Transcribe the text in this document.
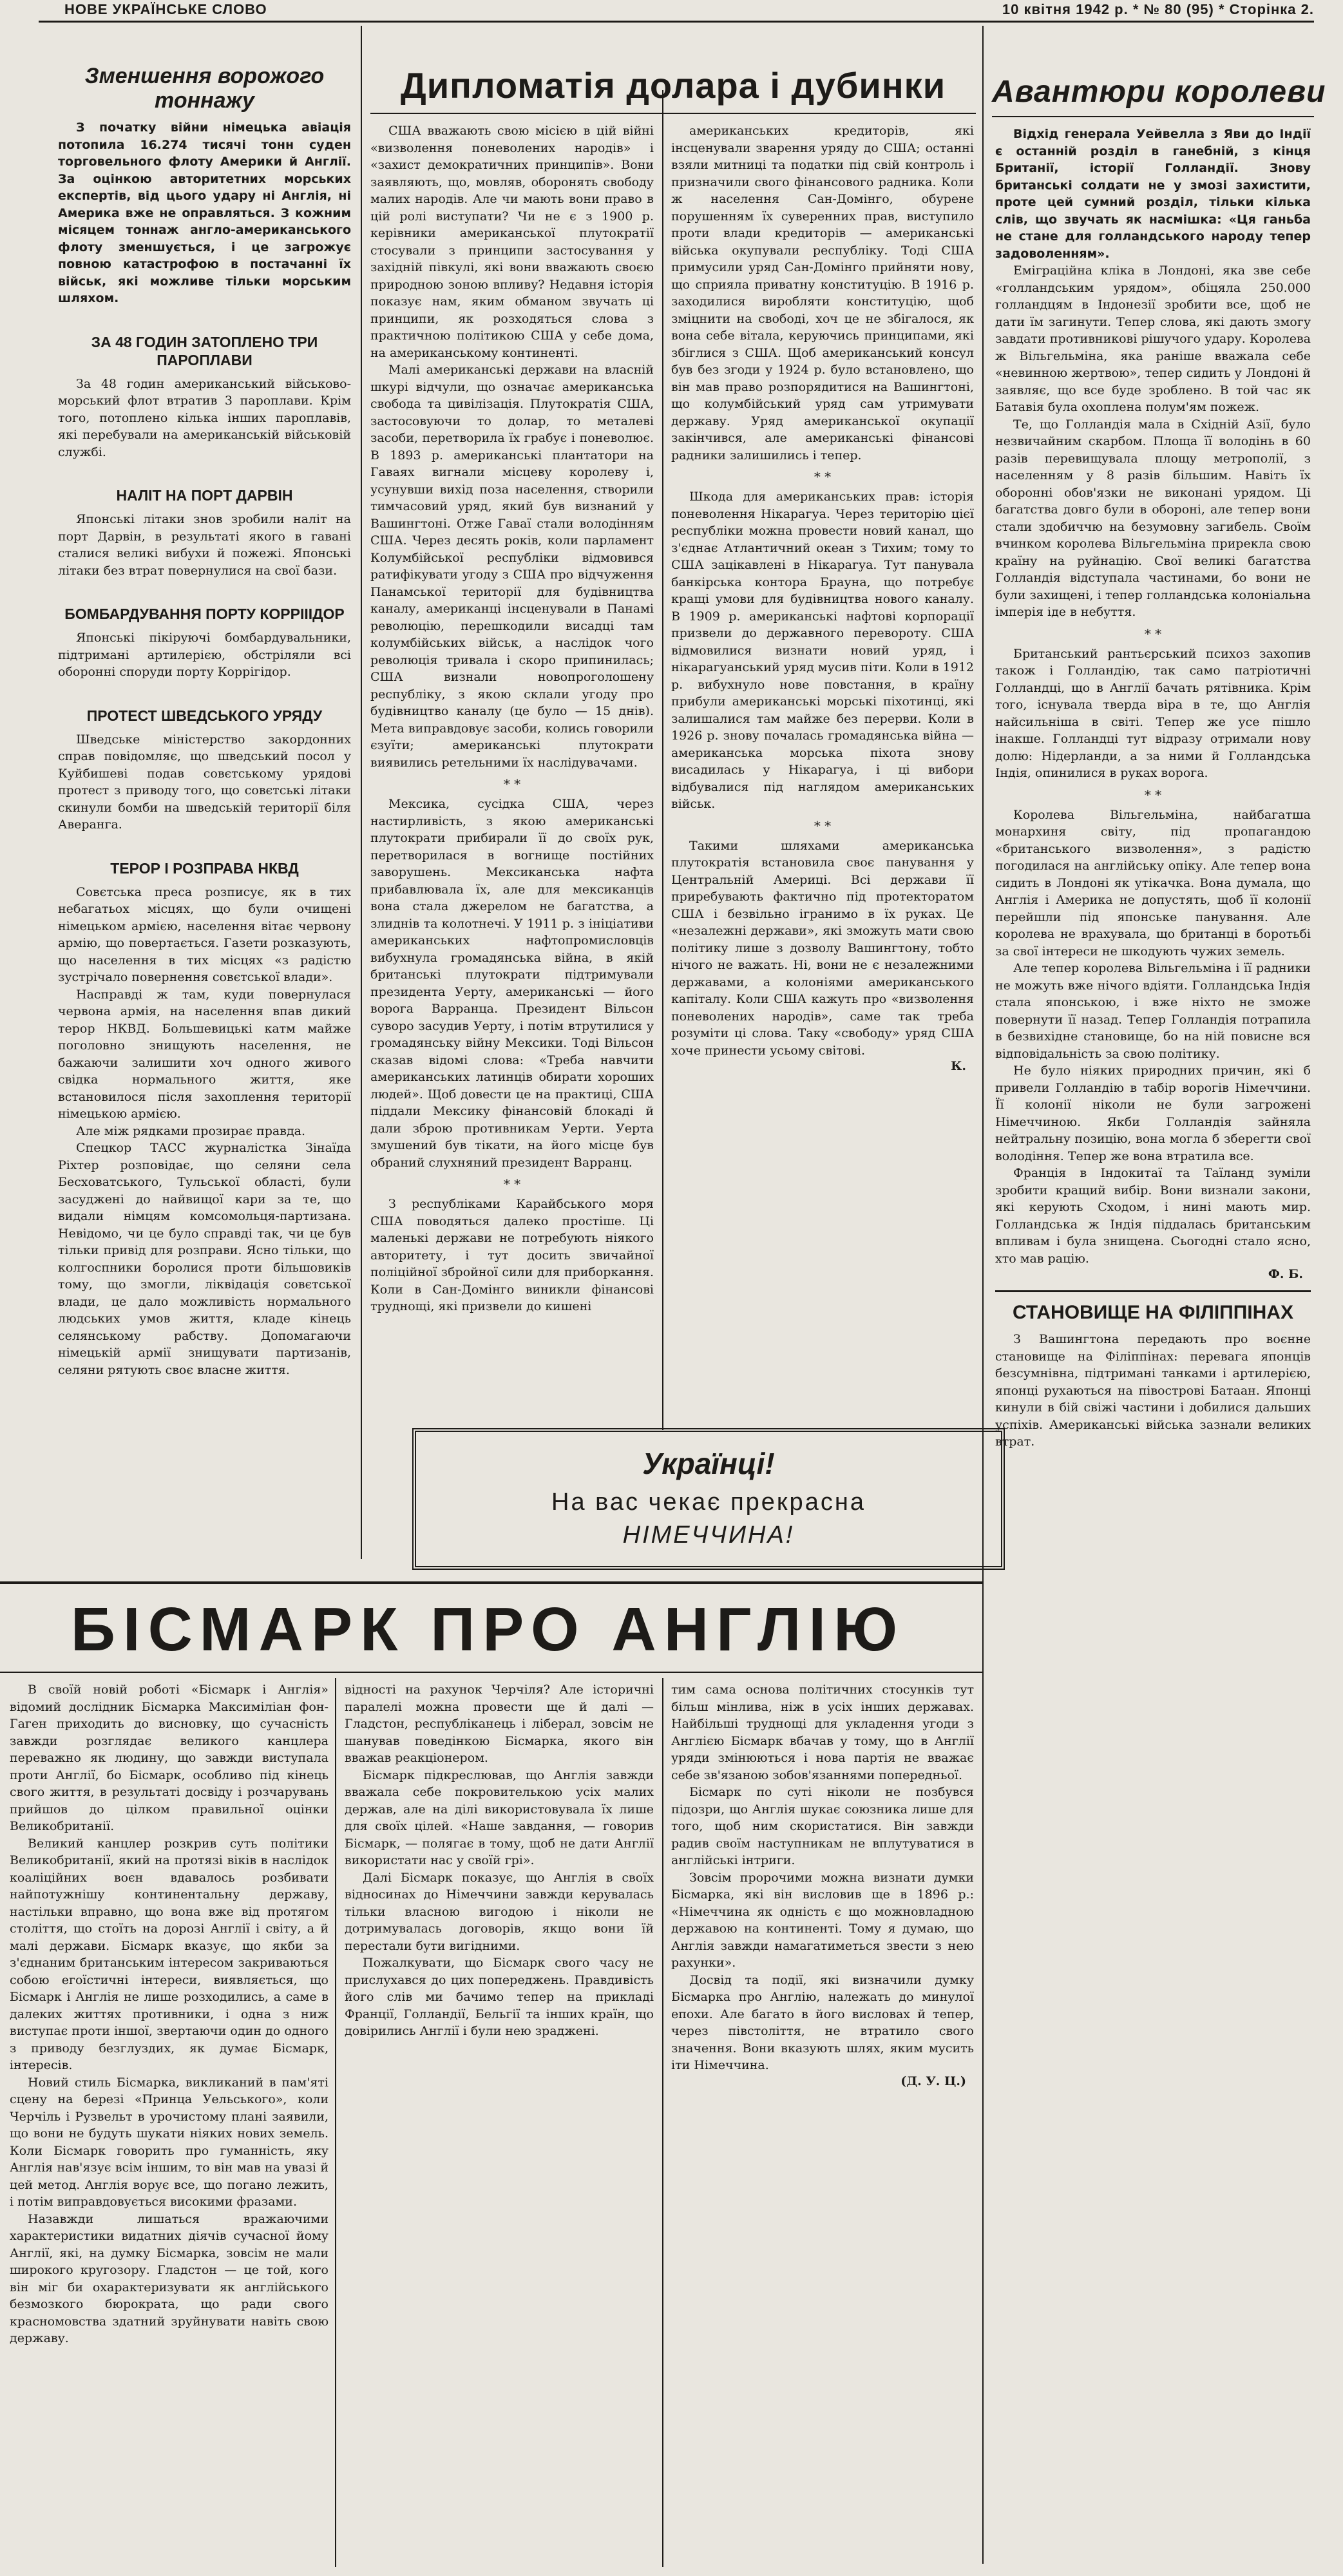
НОВЕ УКРАЇНСЬКЕ СЛОВО	10 квітня 1942 р. * № 80 (95) * Сторінка 2.
Зменшення ворожого тоннажу

З початку війни німецька авіація потопила 16.274 тисячі тонн суден торговельного флоту Америки й Англії. За оцінкою авторитетних морських експертів, від цього удару ні Англія, ні Америка вже не оправляться. З кожним місяцем тоннаж англо-американського флоту зменшується, і це загрожує повною катастрофою в постачанні їх військ, які можливе тільки морським шляхом.

ЗА 48 ГОДИН ЗАТОПЛЕНО ТРИ ПАРОПЛАВИ

За 48 годин американський військово-морський флот втратив 3 пароплави. Крім того, потоплено кілька інших пароплавів, які перебували на американській військовій службі.

НАЛІТ НА ПОРТ ДАРВІН

Японські літаки знов зробили наліт на порт Дарвін, в результаті якого в гавані сталися великі вибухи й пожежі. Японські літаки без втрат повернулися на свої бази.

БОМБАРДУВАННЯ ПОРТУ КОРРІІІДОР

Японські пікіруючі бомбардувальники, підтримані артилерією, обстріляли всі оборонні споруди порту Коррігідор.

ПРОТЕСТ ШВЕДСЬКОГО УРЯДУ

Шведське міністерство закордонних справ повідомляє, що шведський посол у Куйбишеві подав совєтському урядові протест з приводу того, що совєтські літаки скинули бомби на шведській території біля Аверанга.

ТЕРОР І РОЗПРАВА НКВД

Совєтська преса розписує, як в тих небагатьох місцях, що були очищені німецьком армією, населення вітає червону армію, що повертається. Газети розказують, що населення в тих місцях «з радістю зустрічало повернення совєтської влади».

Насправді ж там, куди повернулася червона армія, на населення впав дикий терор НКВД. Большевицькі катм майже поголовно знищують населення, не бажаючи залишити хоч одного живого свідка нормального життя, яке встановилося після захоплення території німецькою армією.

Але між рядками прозирає правда.

Спецкор ТАСС журналістка Зінаїда Ріхтер розповідає, що селяни села Бесховатського, Тульської області, були засуджені до найвищої кари за те, що видали німцям комсомольця-партизана. Невідомо, чи це було справді так, чи це був тільки привід для розправи. Ясно тільки, що колгоспники боролися проти більшовиків тому, що змогли, ліквідація совєтської влади, це дало можливість нормального людських умов життя, кладе кінець селянському рабству. Допомагаючи німецькій армії знищувати партизанів, селяни рятують своє власне життя.

Дипломатія долара і дубинки

США вважають свою місією в цій війні «визволення поневолених народів» і «захист демократичних принципів». Вони заявляють, що, мовляв, оборонять свободу малих народів. Але чи мають вони право в цій ролі виступати? Чи не є з 1900 р. керівники американської плутократії стосували з принципи застосування у західній півкулі, які вони вважають своєю природною зоною впливу? Недавня історія показує нам, яким обманом звучать ці принципи, як розходяться слова з практичною політикою США у себе дома, на американському континенті.

Малі американські держави на власній шкурі відчули, що означає американська свобода та цивілізація. Плутократія США, застосовуючи то долар, то металеві засоби, перетворила їх грабує і поневолює. В 1893 р. американські плантатори на Гаваях вигнали місцеву королеву і, усунувши вихід поза населення, створили тимчасовий уряд, який був визнаний у Вашингтоні. Отже Гаваї стали володінням США. Через десять років, коли парламент Колумбійської республіки відмовився ратифікувати угоду з США про відчуження Панамської території для будівництва каналу, американці інсценували в Панамі революцію, перешкодили висадці там колумбійських військ, а наслідок чого революція тривала і скоро припинилась; США визнали новопроголошену республіку, з якою склали угоду про будівництво каналу (це було — 15 днів). Мета виправдовує засоби, колись говорили єзуїти; американські плутократи виявились ретельними їх наслідувачами.

* *

Мексика, сусідка США, через настирливість, з якою американські плутократи прибирали її до своїх рук, перетворилася в вогнище постійних заворушень. Мексиканська нафта прибавлювала їх, але для мексиканців вона стала джерелом не багатства, а злиднів та колотнечі. У 1911 р. з ініціативи американських нафтопромисловців вибухнула громадянська війна, в якій британські плутократи підтримували президента Уерту, американські — його ворога Варранца. Президент Вільсон суворо засудив Уерту, і потім втрутилися у громадянську війну Мексики. Тоді Вільсон сказав відомі слова: «Треба навчити американських латинців обирати хороших людей». Щоб довести це на практиці, США піддали Мексику фінансовій блокаді й дали зброю противникам Уерти. Уерта змушений був тікати, на його місце був обраний слухняний президент Варранц.

* *

З республіками Карайбського моря США поводяться далеко простіше. Ці маленькі держави не потребують ніякого авторитету, і тут досить звичайної поліційної збройної сили для приборкання. Коли в Сан-Домінго виникли фінансові труднощі, які призвели до кишені

американських кредиторів, які інсценували зварення уряду до США; останні взяли митниці та податки під свій контроль і призначили свого фінансового радника. Коли ж населення Сан-Домінго, обурене порушенням їх суверенних прав, виступило проти влади кредиторів — американські війська окупували республіку. Тоді США примусили уряд Сан-Домінго прийняти нову, що сприяла приватну конституцію. В 1916 р. заходилися виробляти конституцію, щоб зміцнити на свободі, хоч це не збігалося, як вона себе вітала, керуючись принципами, які збіглися з США. Щоб американський консул був без згоди у 1924 р. було встановлено, що він мав право розпорядитися на Вашингтоні, що колумбійський уряд сам утримувати державу. Уряд американської окупації закінчився, але американські фінансові радники залишились і тепер.

* *

Шкода для американських прав: історія поневолення Нікарагуа. Через територію цієї республіки можна провести новий канал, що з'єднає Атлантичний океан з Тихим; тому то США зацікавлені в Нікарагуа. Тут панувала банкірська контора Брауна, що потребує кращі умови для будівництва нового каналу. В 1909 р. американські нафтові корпорації призвели до державного перевороту. США відмовилися визнати новий уряд, і нікарагуанський уряд мусив піти. Коли в 1912 р. вибухнуло нове повстання, в країну прибули американські морські піхотинці, які залишалися там майже без перерви. Коли в 1926 р. знову почалась громадянська війна — американська морська піхота знову висадилась у Нікарагуа, і ці вибори відбувалися під наглядом американських військ.

* *

Такими шляхами американська плутократія встановила своє панування у Центральній Америці. Всі держави її приребувають фактично під протекторатом США і безвільно ігранимо в їх руках. Це «незалежні держави», які зможуть мати свою політику лише з дозволу Вашингтону, тобто нічого не важать. Ні, вони не є незалежними державами, а колоніями американського капіталу. Коли США кажуть про «визволення поневолених народів», саме так треба розуміти ці слова. Таку «свободу» уряд США хоче принести усьому світові.

К.
Українці!
На вас чекає прекрасна
НІМЕЧЧИНА!
Авантюри королеви

Відхід генерала Уейвелла з Яви до Індії є останній розділ в ганебній, з кінця Британії, історії Голландії. Знову британські солдати не у змозі захистити, проте цей сумний розділ, тільки кілька слів, що звучать як насмішка: «Ця ганьба не стане для голландського народу тепер задоволенням».

Еміграційна кліка в Лондоні, яка зве себе «голландським урядом», обіцяла 250.000 голландцям в Індонезії зробити все, щоб не дати їм загинути. Тепер слова, які дають змогу завдати противникові рішучого удару. Королева ж Вільгельміна, яка раніше вважала себе «невинною жертвою», тепер сидить у Лондоні й заявляє, що все буде зроблено. В той час як Батавія була охоплена полум'ям пожеж.

Те, що Голландія мала в Східній Азії, було незвичайним скарбом. Площа її володінь в 60 разів перевищувала площу метрополії, з населенням у 8 разів більшим. Навіть їх оборонні обов'язки не виконані урядом. Ці багатства довго були в обороні, але тепер вони стали здобиччю на безумовну загибель. Своїм вчинком королева Вільгельміна прирекла свою країну на руйнацію. Свої великі багатства Голландія відступала частинами, бо вони не були захищені, і тепер голландська колоніальна імперія іде в небуття.

* *

Британський рантьєрський психоз захопив також і Голландію, так само патріотичні Голландці, що в Англії бачать рятівника. Крім того, існувала тверда віра в те, що Англія найсильніша в світі. Тепер же усе пішло інакше. Голландці тут відразу отримали нову долю: Нідерланди, а за ними й Голландська Індія, опинилися в руках ворога.

* *

Королева Вільгельміна, найбагатша монархиня світу, під пропагандою «британського визволення», з радістю погодилася на англійську опіку. Але тепер вона сидить в Лондоні як утікачка. Вона думала, що Англія і Америка не допустять, щоб її колонії перейшли під японське панування. Але королева не врахувала, що британці в боротьбі за свої інтереси не шкодують чужих земель.

Але тепер королева Вільгельміна і її радники не можуть вже нічого вдіяти. Голландська Індія стала японською, і вже ніхто не зможе повернути її назад. Тепер Голландія потрапила в безвихідне становище, бо на ній повисне вся відповідальність за свою політику.

Не було ніяких природних причин, які б привели Голландію в табір ворогів Німеччини. Її колонії ніколи не були загрожені Німеччиною. Якби Голландія зайняла нейтральну позицію, вона могла б зберегти свої володіння. Тепер же вона втратила все.

Франція в Індокитаї та Таїланд зуміли зробити кращий вибір. Вони визнали закони, які керують Сходом, і нині мають мир. Голландська ж Індія піддалась британським впливам і була знищена. Сьогодні стало ясно, хто мав рацію.

Ф. Б.
СТАНОВИЩЕ НА ФІЛІППІНАХ

З Вашингтона передають про воєнне становище на Філіппінах: перевага японців безсумнівна, підтримані танками і артилерією, японці рухаються на півострові Батаан. Японці кинули в бій свіжі частини і добилися дальших успіхів. Американські війська зазнали великих втрат.

БІСМАРК ПРО АНГЛІЮ

В своїй новій роботі «Бісмарк і Англія» відомий дослідник Бісмарка Максиміліан фон-Гаген приходить до висновку, що сучасність завжди розглядає великого канцлера переважно як людину, що завжди виступала проти Англії, бо Бісмарк, особливо під кінець свого життя, в результаті досвіду і розчарувань прийшов до цілком правильної оцінки Великобританії.

Великий канцлер розкрив суть політики Великобританії, який на протязі віків в наслідок коаліційних воєн вдавалось розбивати найпотужнішу континентальну державу, настільки вправно, що вона вже від протягом століття, що стоїть на дорозі Англії і світу, а й малі держави. Бісмарк вказує, що якби за з'єднаним британським інтересом закриваються собою егоїстичні інтереси, виявляється, що Бісмарк і Англія не лише розходились, а саме в далеких життях противники, і одна з ниж виступає проти іншої, звертаючи один до одного з приводу безглуздих, як думає Бісмарк, інтересів.

Новий стиль Бісмарка, викликаний в пам'яті сцену на березі «Принца Уельського», коли Черчіль і Рузвельт в урочистому плані заявили, що вони не будуть шукати ніяких нових земель. Коли Бісмарк говорить про гуманність, яку Англія нав'язує всім іншим, то він мав на увазі й цей метод. Англія ворує все, що погано лежить, і потім виправдовується високими фразами.

Назавжди лишаться вражаючими характеристики видатних діячів сучасної йому Англії, які, на думку Бісмарка, зовсім не мали широкого кругозору. Гладстон — це той, кого він міг би охарактеризувати як англійського безмозкого бюрократа, що ради свого красномовства здатний зруйнувати навіть свою державу.

відності на рахунок Черчіля? Але історичні паралелі можна провести ще й далі — Гладстон, республіканець і ліберал, зовсім не шанував поведінкою Бісмарка, якого він вважав реакціонером.

Бісмарк підкреслював, що Англія завжди вважала себе покровителькою усіх малих держав, але на ділі використовувала їх лише для своїх цілей. «Наше завдання, — говорив Бісмарк, — полягає в тому, щоб не дати Англії використати нас у своїй грі».

Далі Бісмарк показує, що Англія в своїх відносинах до Німеччини завжди керувалась тільки власною вигодою і ніколи не дотримувалась договорів, якщо вони їй перестали бути вигідними.

Пожалкувати, що Бісмарк свого часу не прислухався до цих попереджень. Правдивість його слів ми бачимо тепер на прикладі Франції, Голландії, Бельгії та інших країн, що довірились Англії і були нею зраджені.

тим сама основа політичних стосунків тут більш мінлива, ніж в усіх інших державах. Найбільші труднощі для укладення угоди з Англією Бісмарк вбачав у тому, що в Англії уряди змінюються і нова партія не вважає себе зв'язаною зобов'язаннями попередньої.

Бісмарк по суті ніколи не позбувся підозри, що Англія шукає союзника лише для того, щоб ним скористатися. Він завжди радив своїм наступникам не вплутуватися в англійські інтриги.

Зовсім пророчими можна визнати думки Бісмарка, які він висловив ще в 1896 р.: «Німеччина як одність є що можновладною державою на континенті. Тому я думаю, що Англія завжди намагатиметься звести з нею рахунки».

Досвід та події, які визначили думку Бісмарка про Англію, належать до минулої епохи. Але багато в його висловах й тепер, через півстоліття, не втратило свого значення. Вони вказують шлях, яким мусить іти Німеччина.

(Д. У. Ц.)
